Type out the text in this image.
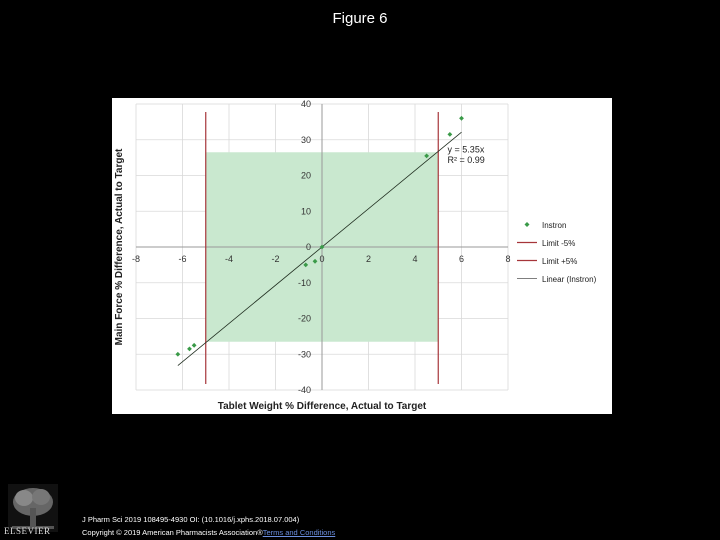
Figure 6
-8	-6	-4	-2	0	2	4	6	8
-40
-30
-20
-10
0
10
20
30
40
y = 5.35x
R² = 0.99
Tablet Weight % Difference, Actual to Target
Main Force % Difference, Actual to Target	Instron
Limit -5%
Limit +5%
Linear (Instron)
ELSEVIER
J Pharm Sci 2019 108495-4930 OI: (10.1016/j.xphs.2018.07.004)
Copyright © 2019 American Pharmacists Association®Terms and Conditions
